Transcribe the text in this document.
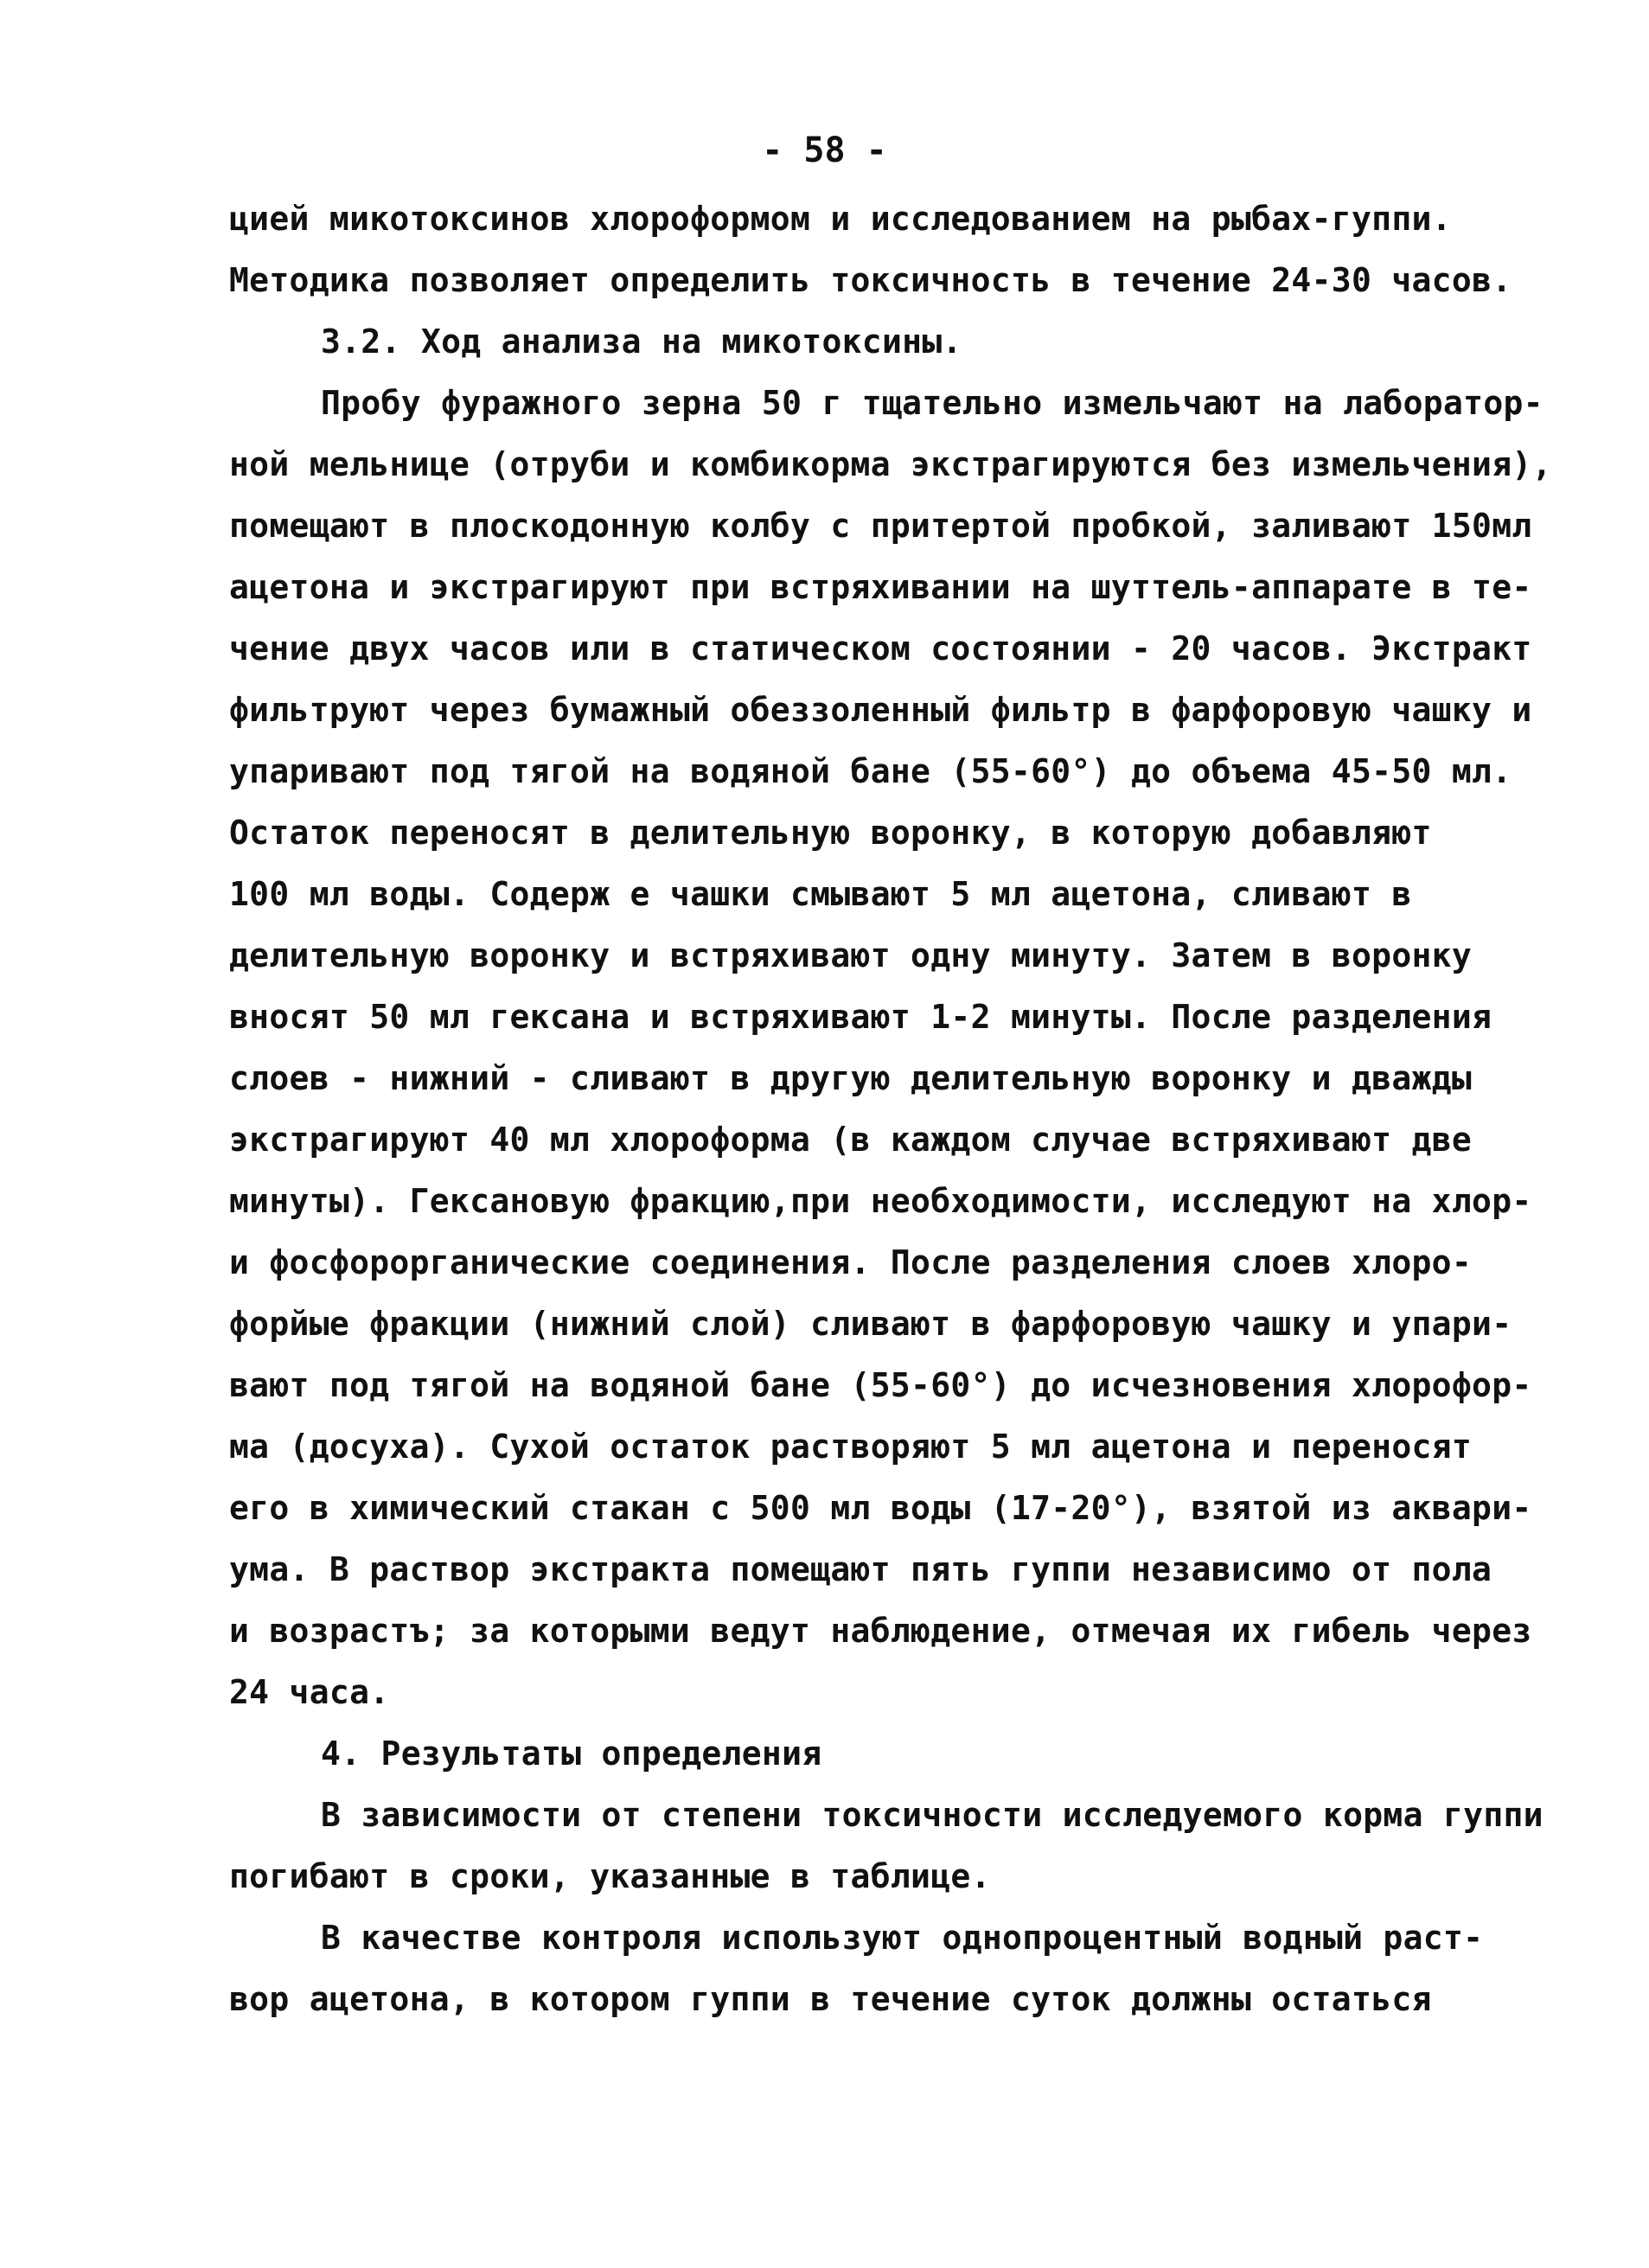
- 58 -
цией микотоксинов хлороформом и исследованием на рыбах-гуппи.
Методика позволяет определить токсичность в течение 24-30 часов.
3.2. Ход анализа на микотоксины.
Пробу фуражного зерна 50 г тщательно измельчают на лаборатор-
ной мельнице (отруби и комбикорма экстрагируются без измельчения),
помещают в плоскодонную колбу с притертой пробкой, заливают 150мл
ацетона и экстрагируют при встряхивании на шуттель-аппарате в те-
чение двух часов или в статическом состоянии - 20 часов. Экстракт
фильтруют через бумажный обеззоленный фильтр в фарфоровую чашку и
упаривают под тягой на водяной бане (55-60°) до объема 45-50 мл.
Остаток переносят в делительную воронку, в которую добавляют
100 мл воды. Содерж е чашки смывают 5 мл ацетона, сливают в
делительную воронку и встряхивают одну минуту. Затем в воронку
вносят 50 мл гексана и встряхивают 1-2 минуты. После разделения
слоев - нижний - сливают в другую делительную воронку и дважды
экстрагируют 40 мл хлороформа (в каждом случае встряхивают две
минуты). Гексановую фракцию,при необходимости, исследуют на хлор-
и фосфорорганические соединения. После разделения слоев хлоро-
форйые фракции (нижний слой) сливают в фарфоровую чашку и упари-
вают под тягой на водяной бане (55-60°) до исчезновения хлорофор-
ма (досуха). Сухой остаток растворяют 5 мл ацетона и переносят
его в химический стакан с 500 мл воды (17-20°), взятой из аквари-
ума. В раствор экстракта помещают пять гуппи независимо от пола
и возрастъ; за которыми ведут наблюдение, отмечая их гибель через
24 часа.
4. Результаты определения
В зависимости от степени токсичности исследуемого корма гуппи
погибают в сроки, указанные в таблице.
В качестве контроля используют однопроцентный водный раст-
вор ацетона, в котором гуппи в течение суток должны остаться
